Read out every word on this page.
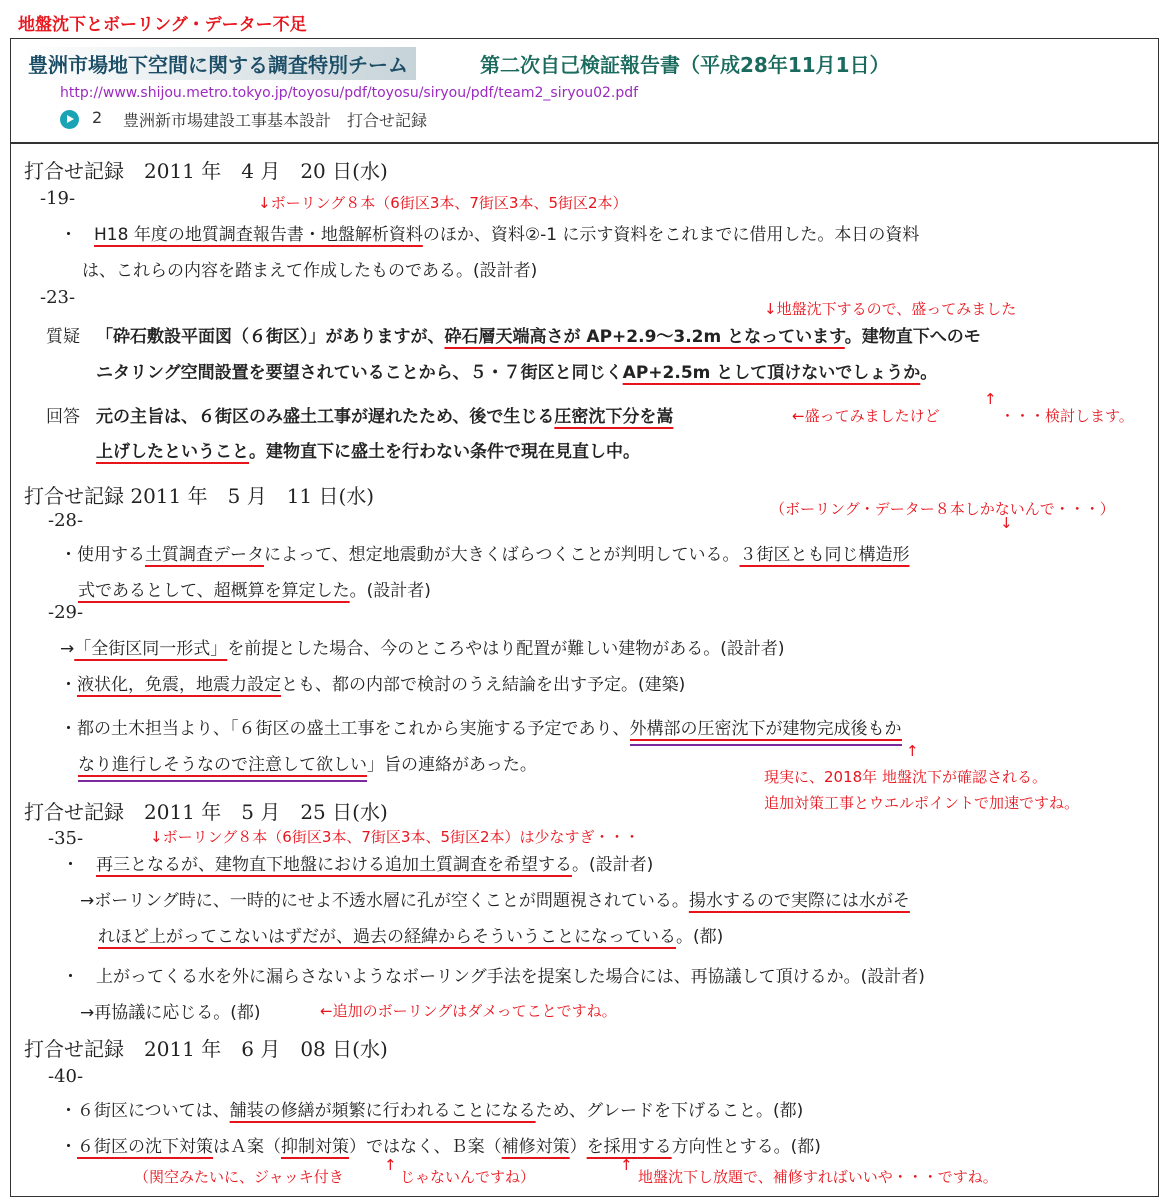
地盤沈下とボーリング・データー不足
豊洲市場地下空間に関する調査特別チーム	第二次自己検証報告書（平成28年11月1日）
http://www.shijou.metro.tokyo.jp/toyosu/pdf/toyosu/siryou/pdf/team2_siryou02.pdf
2 豊洲新市場建設工事基本設計　打合せ記録
打合せ記録　2011 年　4 月　20 日(水)
-19-	↓ボーリング８本（6街区3本、7街区3本、5街区2本）
・　H18 年度の地質調査報告書・地盤解析資料のほか、資料②-1 に示す資料をこれまでに借用した。本日の資料
は、これらの内容を踏まえて作成したものである。(設計者)
-23-
↓地盤沈下するので、盛ってみました
質疑 「砕石敷設平面図（６街区）」がありますが、砕石層天端高さが AP+2.9～3.2m となっています。建物直下へのモ
ニタリング空間設置を要望されていることから、５・７街区と同じくAP+2.5m として頂けないでしょうか。
回答 元の主旨は、６街区のみ盛土工事が遅れたため、後で生じる圧密沈下分を嵩	←盛ってみましたけど
↑
・・・検討します。
上げしたということ。建物直下に盛土を行わない条件で現在見直し中。
打合せ記録 2011 年　5 月　11 日(水)
（ボーリング・データー８本しかないんで・・・）
↓
-28-
・使用する土質調査データによって、想定地震動が大きくばらつくことが判明している。３街区とも同じ構造形
式であるとして、超概算を算定した。(設計者)
-29-
→「全街区同一形式」を前提とした場合、今のところやはり配置が難しい建物がある。(設計者)
・液状化，免震，地震力設定とも、都の内部で検討のうえ結論を出す予定。(建築)
・都の土木担当より、「６街区の盛土工事をこれから実施する予定であり、外構部の圧密沈下が建物完成後もか
なり進行しそうなので注意して欲しい」旨の連絡があった。
↑
現実に、2018年 地盤沈下が確認される。
追加対策工事とウエルポイントで加速ですね。
打合せ記録　2011 年　5 月　25 日(水)
-35-	↓ボーリング８本（6街区3本、7街区3本、5街区2本）は少なすぎ・・・
・　再三となるが、建物直下地盤における追加土質調査を希望する。(設計者)
→ボーリング時に、一時的にせよ不透水層に孔が空くことが問題視されている。揚水するので実際には水がそ
れほど上がってこないはずだが、過去の経緯からそういうことになっている。(都)
・　上がってくる水を外に漏らさないようなボーリング手法を提案した場合には、再協議して頂けるか。(設計者)
→再協議に応じる。(都)	←追加のボーリングはダメってことですね。
打合せ記録　2011 年　6 月　08 日(水)
-40-
・６街区については、舗装の修繕が頻繁に行われることになるため、グレードを下げること。(都)
・６街区の沈下対策はＡ案（抑制対策）ではなく、Ｂ案（補修対策）を採用する方向性とする。(都)
（関空みたいに、ジャッキ付き
↑
じゃないんですね）
↑
地盤沈下し放題で、補修すればいいや・・・ですね。
